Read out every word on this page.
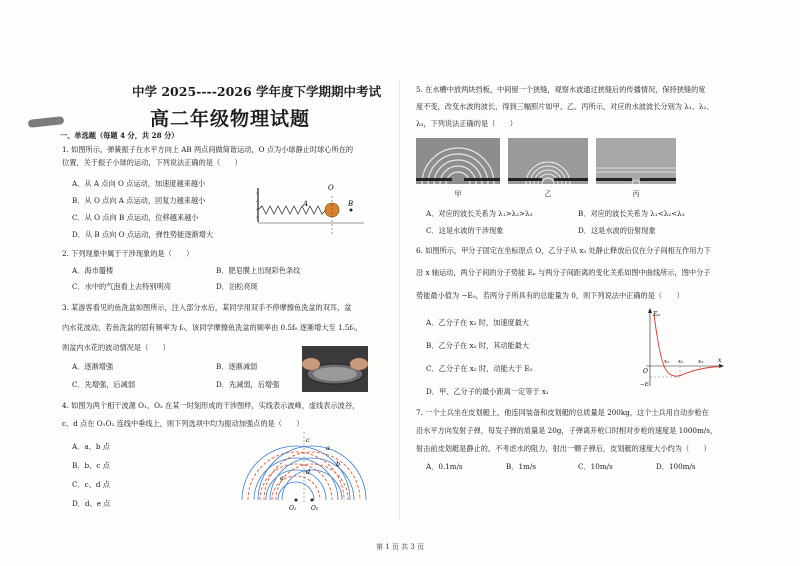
中学 2025----2026 学年度下学期期中考试
高二年级物理试题
一、单选题（每题 4 分，共 28 分）
1. 如图所示，弹簧振子在水平方向上 AB 两点间做简谐运动，O 点为小球静止时球心所在的
位置，关于振子小球的运动，下列说法正确的是（　　）
A．从 A 点向 O 点运动，加速度越来越小
B．从 O 点向 A 点运动，回复力越来越小
C．从 O 点向 B 点运动，位移越来越小
D．从 B 点向 O 点运动，弹性势能逐渐增大
A
O
B
2. 下列现象中属于干涉现象的是（　　）
A．海市蜃楼	B．肥皂膜上出现彩色条纹
C．水中的气泡看上去特别明亮	D．泊松亮斑
3. 某游客看见的鱼洗盆如图所示，注入部分水后，某同学用双手不停摩擦鱼洗盆的双耳，盆
内水花波动，若鱼洗盆的固有频率为 f₀，该同学摩擦鱼洗盆的频率由 0.5f₀ 逐渐增大至 1.5f₀，
则盆内水花的波动情况是（　　）
A．逐渐增强	B．逐渐减弱
C．先增强，后减弱	D．先减弱，后增强
4. 如图为两个相干波源 O₁、O₂ 在某一时刻形成的干涉图样，实线表示波峰，虚线表示波谷，
c、d 点在 O₁O₂ 连线中垂线上，则下列选项中均为振动加强点的是（　　）
A．a、b 点
B．b、c 点
C．c、d 点
D．d、e 点
a
b
c
d
e
O₁ O₂
5. 在水槽中放两块挡板，中间留一个狭缝，观察水波通过狭缝后的传播情况，保持狭缝的宽
度不变，改变水波的波长，得到三幅照片如甲、乙、丙所示，对应的水波波长分别为 λ₁、λ₂、
λ₃，下列说法正确的是（　　）
甲	乙	丙
A．对应的波长关系为 λ₁>λ₂>λ₃	B．对应的波长关系为 λ₁<λ₂<λ₃
C．这是水波的干涉现象	D．这是水波的衍射现象
6. 如图所示，甲分子固定在坐标原点 O，乙分子从 x₃ 处静止释放后仅在分子间相互作用力下
沿 x 轴运动，两分子间的分子势能 Eₚ 与两分子间距离的变化关系如图中曲线所示，图中分子
势能最小值为 −E₀，若两分子所具有的总能量为 0，则下列说法中正确的是（　　）
A．乙分子在 x₃ 时，加速度最大
B．乙分子在 x₂ 时，其动能最大
C．乙分子在 x₂ 时，动能大于 E₀
D．甲、乙分子的最小距离一定等于 x₁
Eₚ
O
x₁ x₂	x₃ x
−E₀
7. 一个士兵坐在皮划艇上，他连同装备和皮划艇的总质量是 200kg，这个士兵用自动步枪在
沿水平方向发射子弹，每发子弹的质量是 20g，子弹离开枪口时相对步枪的速度是 1000m/s，
射击前皮划艇是静止的，不考虑水的阻力，射出一颗子弹后，皮划艇的速度大小约为（　　）
A．0.1m/s	B．1m/s	C．10m/s	D．100m/s
第 1 页 共 3 页
